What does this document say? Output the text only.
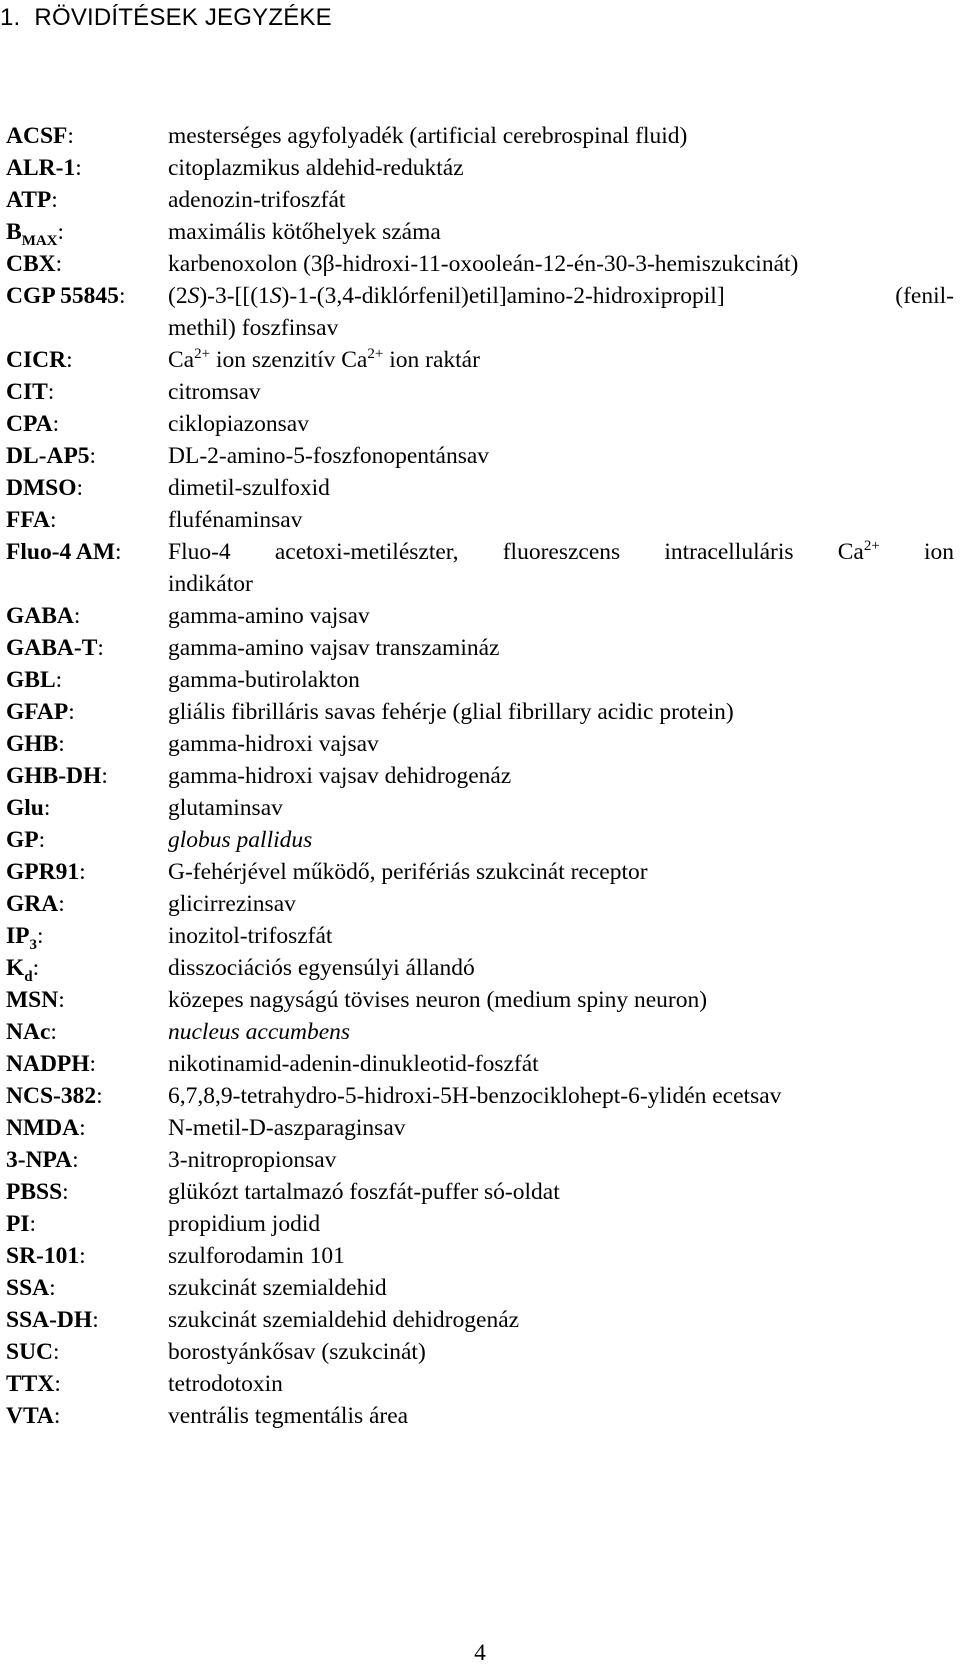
1. RÖVIDÍTÉSEK JEGYZÉKE
ACSF:	mesterséges agyfolyadék (artificial cerebrospinal fluid)
ALR-1:	citoplazmikus aldehid-reduktáz
ATP:	adenozin-trifoszfát
$B_{MAX}$:	maximális kötőhelyek száma
CBX:	karbenoxolon (3β-hidroxi-11-oxooleán-12-én-30-3-hemiszukcinát)
CGP 55845: (2S)-3-[[(1S)-1-(3,4-diklórfenil)etil]amino-2-hidroxipropil] (fenil-
methil) foszfinsav
CICR:	$Ca^{2+}$ ion szenzitív $Ca^{2+}$ ion raktár
CIT:	citromsav
CPA:	ciklopiazonsav
DL-AP5:	DL-2-amino-5-foszfonopentánsav
DMSO:	dimetil-szulfoxid
FFA:	flufénaminsav
Fluo-4 AM: Fluo-4 acetoxi-metilészter, fluoreszcens intracelluláris $Ca^{2+}$ ion
indikátor
GABA:	gamma-amino vajsav
GABA-T:	gamma-amino vajsav transzamináz
GBL:	gamma-butirolakton
GFAP:	gliális fibrilláris savas fehérje (glial fibrillary acidic protein)
GHB:	gamma-hidroxi vajsav
GHB-DH:	gamma-hidroxi vajsav dehidrogenáz
Glu:	glutaminsav
GP:	globus pallidus
GPR91:	G-fehérjével működő, perifériás szukcinát receptor
GRA:	glicirrezinsav
$IP_3$:	inozitol-trifoszfát
$K_d$:	disszociációs egyensúlyi állandó
MSN:	közepes nagyságú tövises neuron (medium spiny neuron)
NAc:	nucleus accumbens
NADPH:	nikotinamid-adenin-dinukleotid-foszfát
NCS-382:	6,7,8,9-tetrahydro-5-hidroxi-5H-benzociklohept-6-ylidén ecetsav
NMDA:	N-metil-D-aszparaginsav
3-NPA:	3-nitropropionsav
PBSS:	glükózt tartalmazó foszfát-puffer só-oldat
PI:	propidium jodid
SR-101:	szulforodamin 101
SSA:	szukcinát szemialdehid
SSA-DH:	szukcinát szemialdehid dehidrogenáz
SUC:	borostyánkősav (szukcinát)
TTX:	tetrodotoxin
VTA:	ventrális tegmentális área
4
